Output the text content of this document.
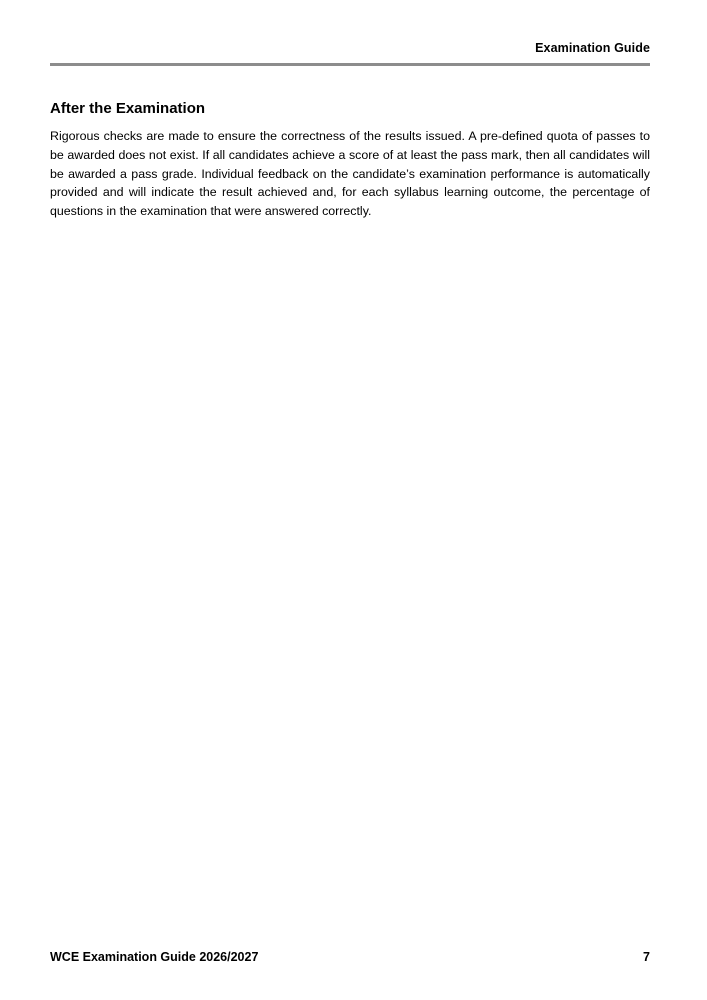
Examination Guide
After the Examination

Rigorous checks are made to ensure the correctness of the results issued. A pre-defined quota of passes to be awarded does not exist. If all candidates achieve a score of at least the pass mark, then all candidates will be awarded a pass grade. Individual feedback on the candidate’s examination performance is automatically provided and will indicate the result achieved and, for each syllabus learning outcome, the percentage of questions in the examination that were answered correctly.

WCE Examination Guide 2026/2027	7
